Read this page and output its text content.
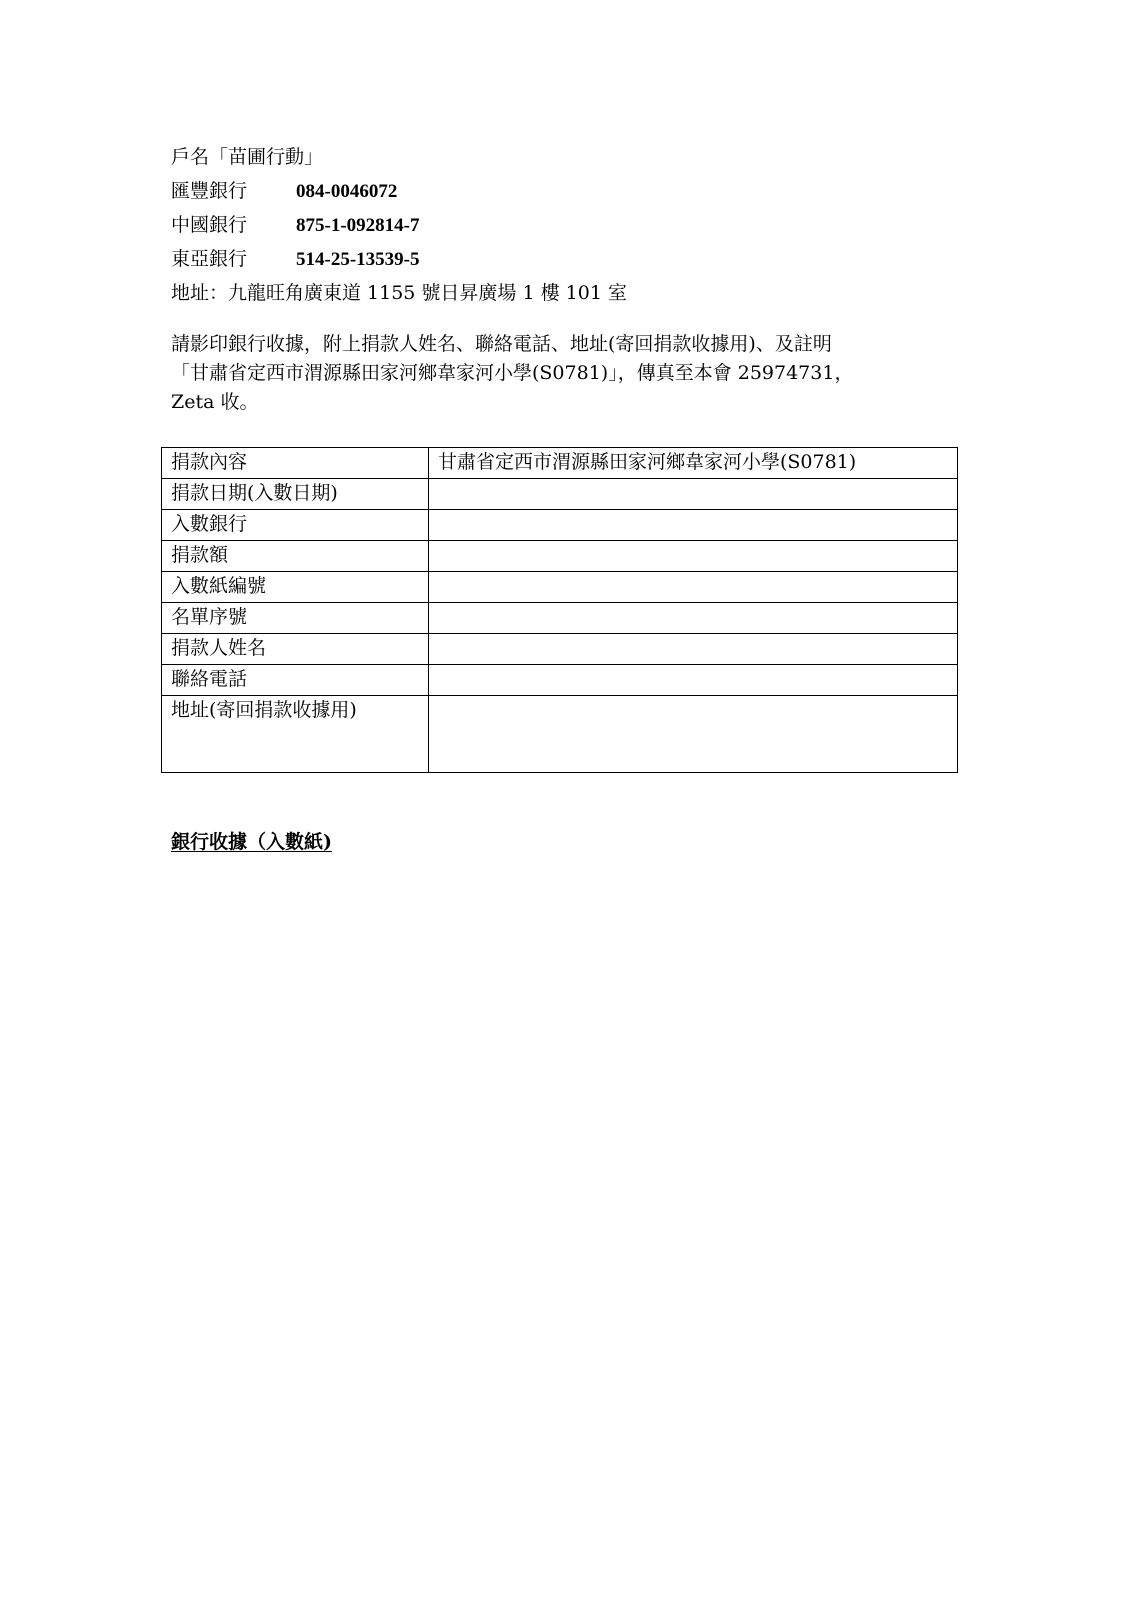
戶名「苗圃行動」
匯豐銀行	084-0046072
中國銀行	875-1-092814-7
東亞銀行	514-25-13539-5
地址：九龍旺角廣東道 1155 號日昇廣場 1 樓 101 室
請影印銀行收據，附上捐款人姓名、聯絡電話、地址(寄回捐款收據用)、及註明
「甘肅省定西市渭源縣田家河鄉韋家河小學(S0781)」，傳真至本會 25974731，
Zeta 收。
捐款內容	甘肅省定西市渭源縣田家河鄉韋家河小學(S0781)
捐款日期(入數日期)	
入數銀行	
捐款額	
入數紙編號	
名單序號	
捐款人姓名	
聯絡電話	
地址(寄回捐款收據用)	
銀行收據（入數紙)
